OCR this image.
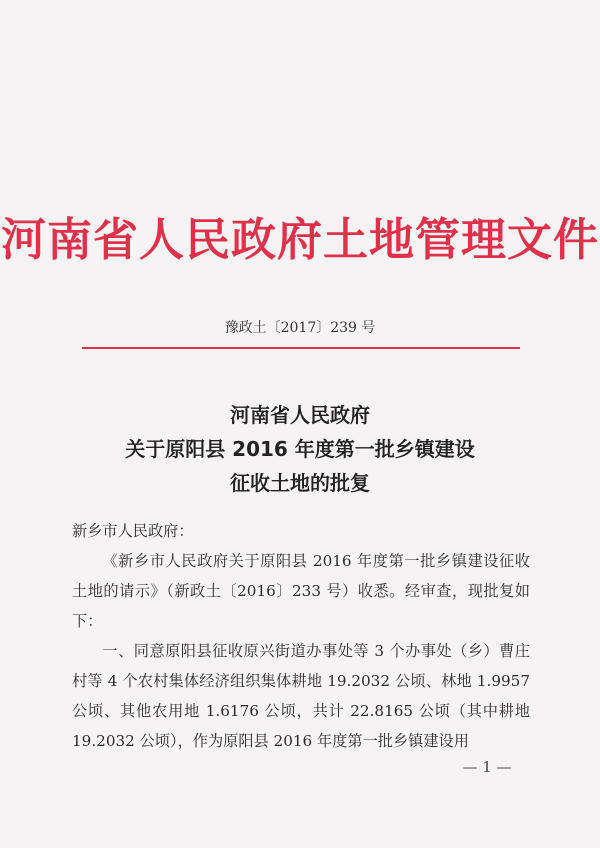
河南省人民政府土地管理文件
豫政土〔2017〕239 号
河南省人民政府
关于原阳县 2016 年度第一批乡镇建设
征收土地的批复
新乡市人民政府：
《新乡市人民政府关于原阳县 2016 年度第一批乡镇建设征收土地的请示》（新政土〔2016〕233 号）收悉。经审查，现批复如下：
一、同意原阳县征收原兴街道办事处等 3 个办事处（乡）曹庄村等 4 个农村集体经济组织集体耕地 19.2032 公顷、林地 1.9957 公顷、其他农用地 1.6176 公顷，共计 22.8165 公顷（其中耕地 19.2032 公顷），作为原阳县 2016 年度第一批乡镇建设用
— 1 —
